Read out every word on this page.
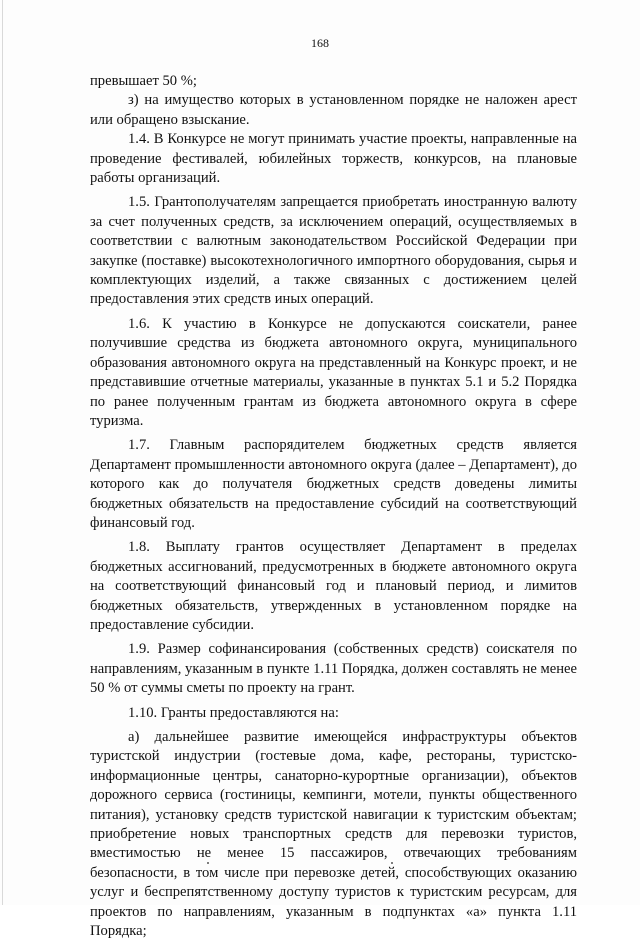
168

превышает 50 %;

з) на имущество которых в установленном порядке не наложен арест или обращено взыскание.

1.4. В Конкурсе не могут принимать участие проекты, направленные на проведение фестивалей, юбилейных торжеств, конкурсов, на плановые работы организаций.

1.5. Грантополучателям запрещается приобретать иностранную валюту за счет полученных средств, за исключением операций, осуществляемых в соответствии с валютным законодательством Российской Федерации при закупке (поставке) высокотехнологичного импортного оборудования, сырья и комплектующих изделий, а также связанных с достижением целей предоставления этих средств иных операций.

1.6. К участию в Конкурсе не допускаются соискатели, ранее получившие средства из бюджета автономного округа, муниципального образования автономного округа на представленный на Конкурс проект, и не представившие отчетные материалы, указанные в пунктах 5.1 и 5.2 Порядка по ранее полученным грантам из бюджета автономного округа в сфере туризма.

1.7. Главным распорядителем бюджетных средств является Департамент промышленности автономного округа (далее – Департамент), до которого как до получателя бюджетных средств доведены лимиты бюджетных обязательств на предоставление субсидий на соответствующий финансовый год.

1.8. Выплату грантов осуществляет Департамент в пределах бюджетных ассигнований, предусмотренных в бюджете автономного округа на соответствующий финансовый год и плановый период, и лимитов бюджетных обязательств, утвержденных в установленном порядке на предоставление субсидии.

1.9. Размер софинансирования (собственных средств) соискателя по направлениям, указанным в пункте 1.11 Порядка, должен составлять не менее 50 % от суммы сметы по проекту на грант.

1.10. Гранты предоставляются на:

а) дальнейшее развитие имеющейся инфраструктуры объектов туристской индустрии (гостевые дома, кафе, рестораны, туристско-информационные центры, санаторно-курортные организации), объектов дорожного сервиса (гостиницы, кемпинги, мотели, пункты общественного питания), установку средств туристской навигации к туристским объектам; приобретение новых транспортных средств для перевозки туристов, вместимостью не менее 15 пассажиров, отвечающих требованиям безопасности, в том числе при перевозке детей, способствующих оказанию услуг и беспрепятственному доступу туристов к туристским ресурсам, для проектов по направлениям, указанным в подпунктах «а» пункта 1.11 Порядка;
